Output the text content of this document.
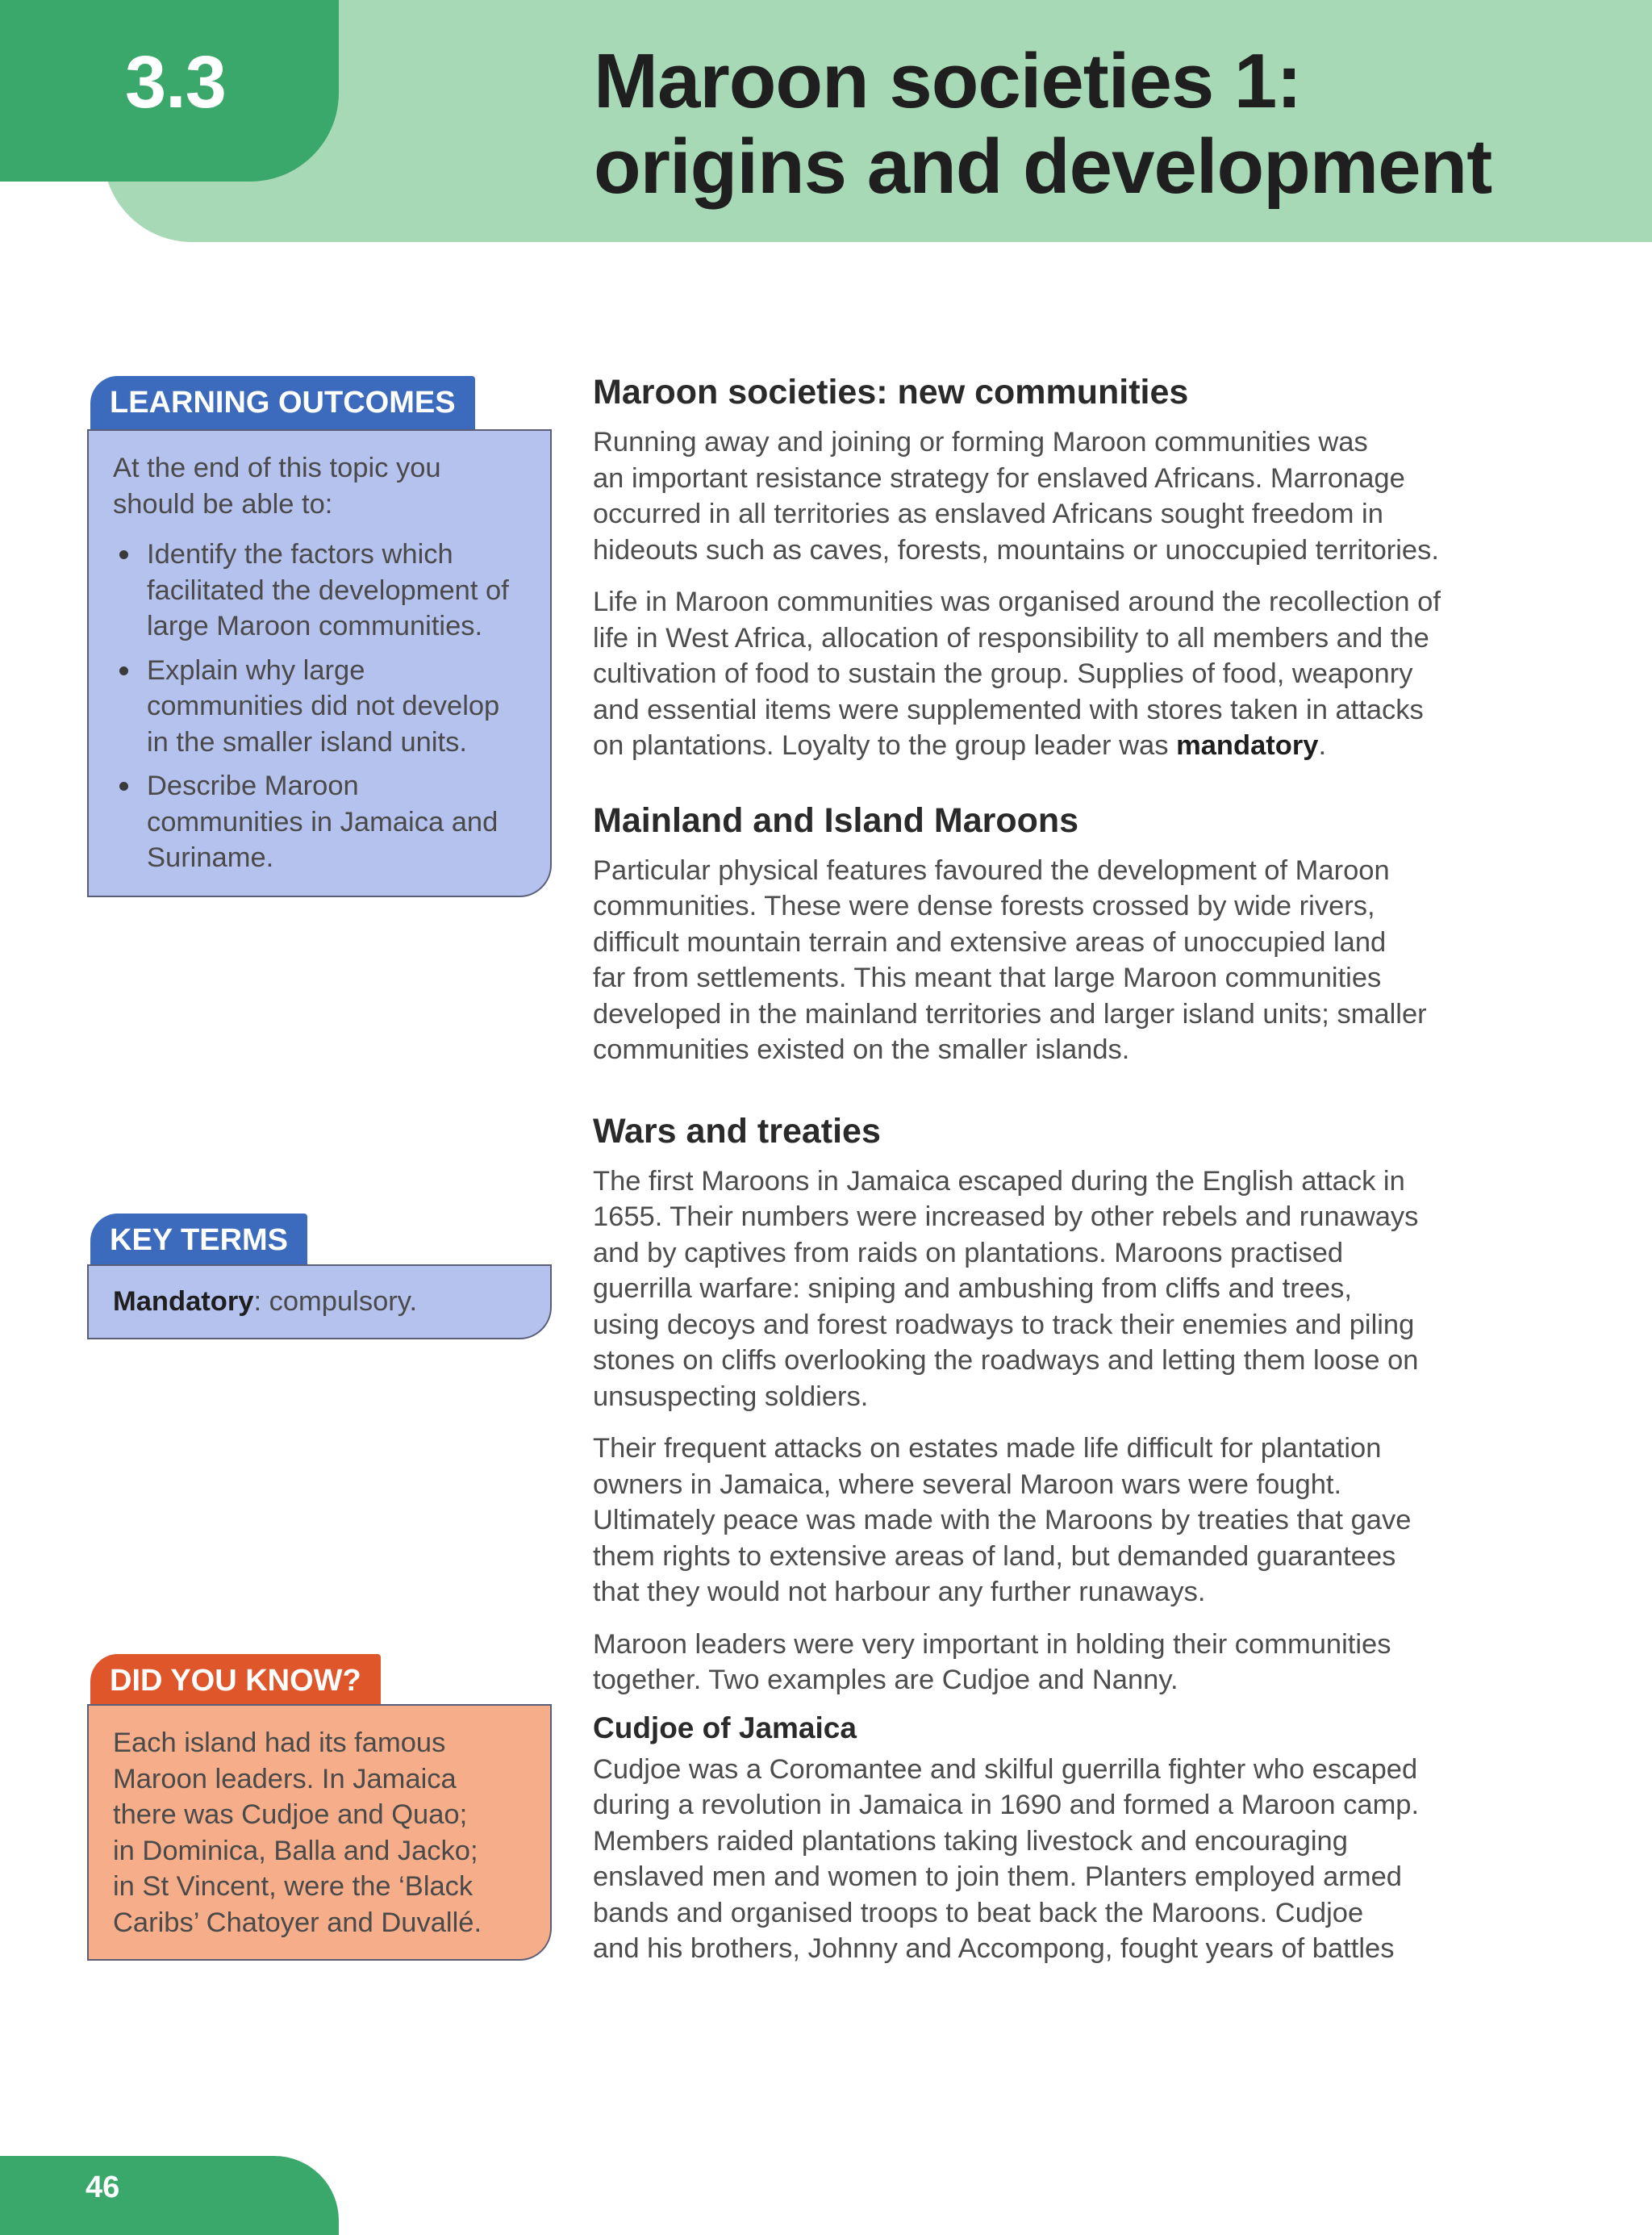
3.3	Maroon societies 1:
origins and development
LEARNING OUTCOMES

At the end of this topic you
should be able to:

Identify the factors which
facilitated the development of
large Maroon communities.
Explain why large
communities did not develop
in the smaller island units.
Describe Maroon
communities in Jamaica and
Suriname.
KEY TERMS
Mandatory: compulsory.
DID YOU KNOW?
Each island had its famous
Maroon leaders. In Jamaica
there was Cudjoe and Quao;
in Dominica, Balla and Jacko;
in St Vincent, were the ‘Black
Caribs’ Chatoyer and Duvallé.
Maroon societies: new communities

Running away and joining or forming Maroon communities was
an important resistance strategy for enslaved Africans. Marronage
occurred in all territories as enslaved Africans sought freedom in
hideouts such as caves, forests, mountains or unoccupied territories.

Life in Maroon communities was organised around the recollection of
life in West Africa, allocation of responsibility to all members and the
cultivation of food to sustain the group. Supplies of food, weaponry
and essential items were supplemented with stores taken in attacks
on plantations. Loyalty to the group leader was mandatory.

Mainland and Island Maroons

Particular physical features favoured the development of Maroon
communities. These were dense forests crossed by wide rivers,
difficult mountain terrain and extensive areas of unoccupied land
far from settlements. This meant that large Maroon communities
developed in the mainland territories and larger island units; smaller
communities existed on the smaller islands.

Wars and treaties

The first Maroons in Jamaica escaped during the English attack in
1655. Their numbers were increased by other rebels and runaways
and by captives from raids on plantations. Maroons practised
guerrilla warfare: sniping and ambushing from cliffs and trees,
using decoys and forest roadways to track their enemies and piling
stones on cliffs overlooking the roadways and letting them loose on
unsuspecting soldiers.

Their frequent attacks on estates made life difficult for plantation
owners in Jamaica, where several Maroon wars were fought.
Ultimately peace was made with the Maroons by treaties that gave
them rights to extensive areas of land, but demanded guarantees
that they would not harbour any further runaways.

Maroon leaders were very important in holding their communities
together. Two examples are Cudjoe and Nanny.

Cudjoe of Jamaica

Cudjoe was a Coromantee and skilful guerrilla fighter who escaped
during a revolution in Jamaica in 1690 and formed a Maroon camp.
Members raided plantations taking livestock and encouraging
enslaved men and women to join them. Planters employed armed
bands and organised troops to beat back the Maroons. Cudjoe
and his brothers, Johnny and Accompong, fought years of battles

46
